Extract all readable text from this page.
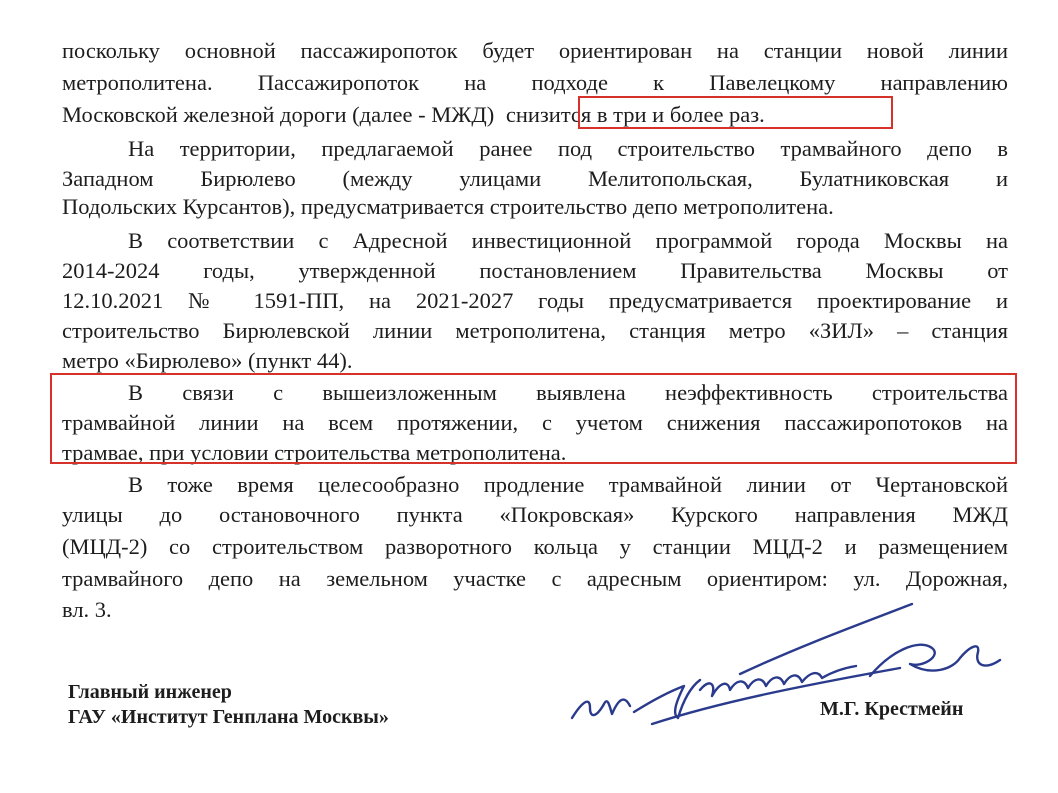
поскольку основной пассажиропоток будет ориентирован на станции новой линии
метрополитена. Пассажиропоток на подходе к Павелецкому направлению
Московской железной дороги (далее - МЖД) снизится в три и более раз.
На территории, предлагаемой ранее под строительство трамвайного депо в
Западном Бирюлево (между улицами Мелитопольская, Булатниковская и
Подольских Курсантов), предусматривается строительство депо метрополитена.
В соответствии с Адресной инвестиционной программой города Москвы на
2014-2024 годы, утвержденной постановлением Правительства Москвы от
12.10.2021 № 1591-ПП, на 2021-2027 годы предусматривается проектирование и
строительство Бирюлевской линии метрополитена, станция метро «ЗИЛ» – станция
метро «Бирюлево» (пункт 44).
В связи с вышеизложенным выявлена неэффективность строительства
трамвайной линии на всем протяжении, с учетом снижения пассажиропотоков на
трамвае, при условии строительства метрополитена.
В тоже время целесообразно продление трамвайной линии от Чертановской
улицы до остановочного пункта «Покровская» Курского направления МЖД
(МЦД-2) со строительством разворотного кольца у станции МЦД-2 и размещением
трамвайного депо на земельном участке с адресным ориентиром: ул. Дорожная,
вл. 3.
Главный инженер
ГАУ «Институт Генплана Москвы»	М.Г. Крестмейн
